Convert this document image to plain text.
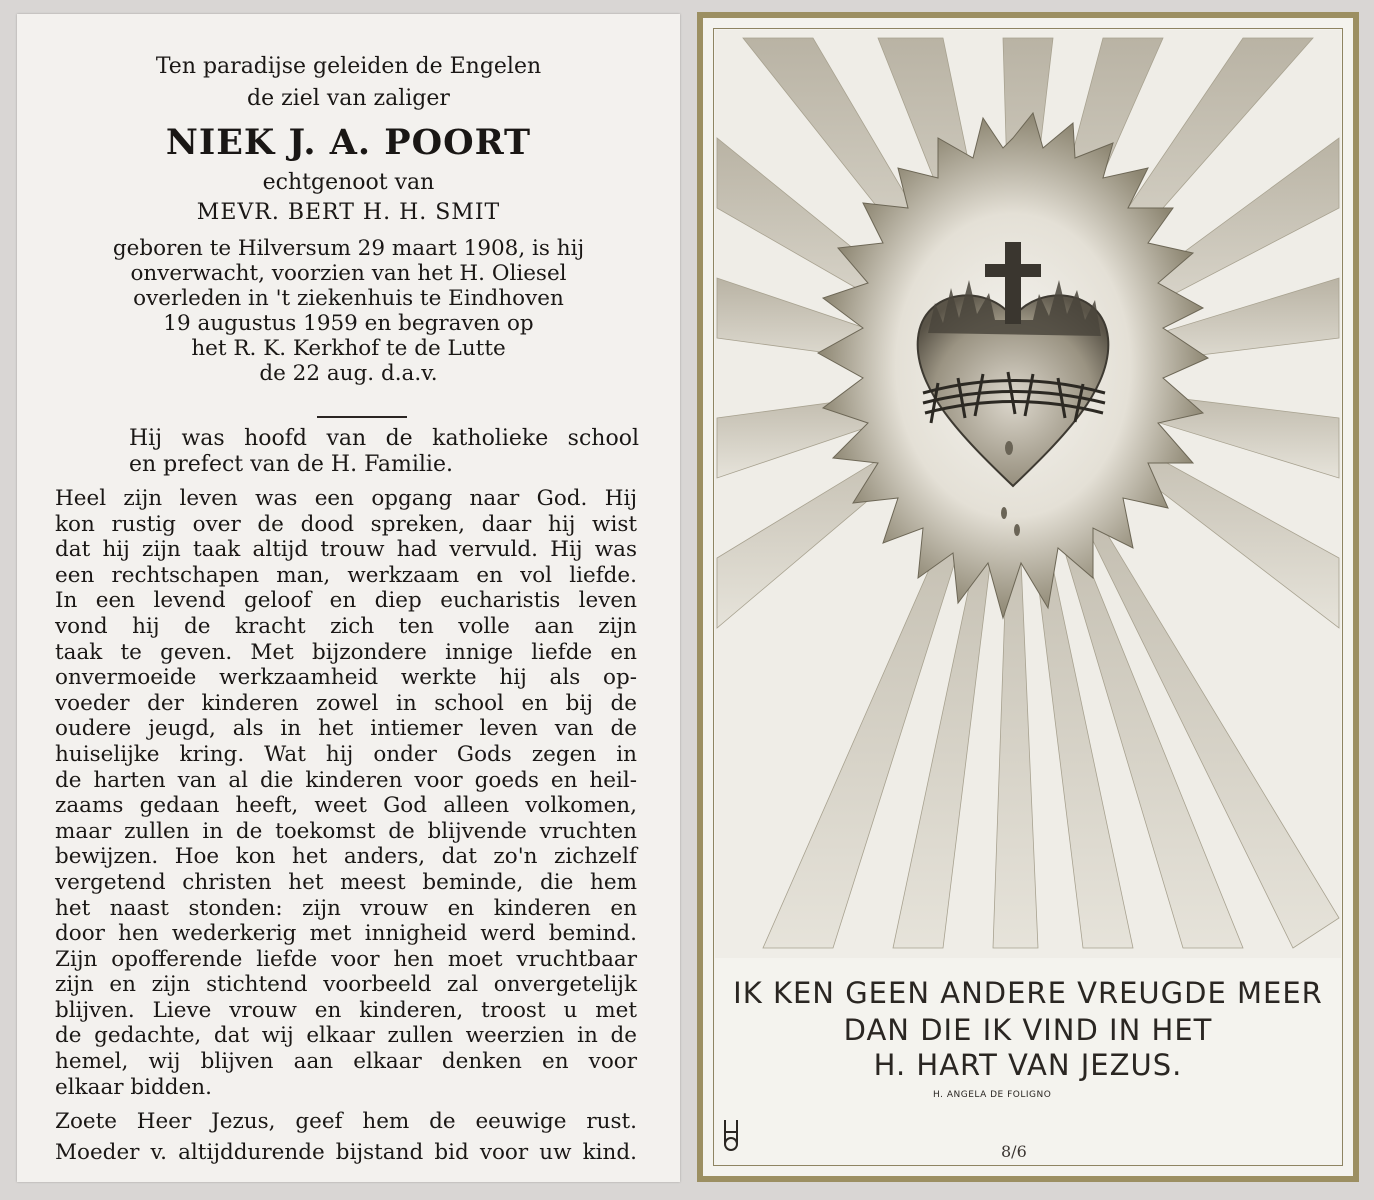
Ten paradijse geleiden de Engelen
de ziel van zaliger
NIEK J. A. POORT
echtgenoot van
MEVR. BERT H. H. SMIT
geboren te Hilversum 29 maart 1908, is hij
onverwacht, voorzien van het H. Oliesel
overleden in 't ziekenhuis te Eindhoven
19 augustus 1959 en begraven op
het R. K. Kerkhof te de Lutte
de 22 aug. d.a.v.
Hij was hoofd van de katholieke school
en prefect van de H. Familie.
Heel zijn leven was een opgang naar God. Hij
kon rustig over de dood spreken, daar hij wist
dat hij zijn taak altijd trouw had vervuld. Hij was
een rechtschapen man, werkzaam en vol liefde.
In een levend geloof en diep eucharistis leven
vond hij de kracht zich ten volle aan zijn
taak te geven. Met bijzondere innige liefde en
onvermoeide werkzaamheid werkte hij als op-
voeder der kinderen zowel in school en bij de
oudere jeugd, als in het intiemer leven van de
huiselijke kring. Wat hij onder Gods zegen in
de harten van al die kinderen voor goeds en heil-
zaams gedaan heeft, weet God alleen volkomen,
maar zullen in de toekomst de blijvende vruchten
bewijzen. Hoe kon het anders, dat zo'n zichzelf
vergetend christen het meest beminde, die hem
het naast stonden: zijn vrouw en kinderen en
door hen wederkerig met innigheid werd bemind.
Zijn opofferende liefde voor hen moet vruchtbaar
zijn en zijn stichtend voorbeeld zal onvergetelijk
blijven. Lieve vrouw en kinderen, troost u met
de gedachte, dat wij elkaar zullen weerzien in de
hemel, wij blijven aan elkaar denken en voor
elkaar bidden.
Zoete Heer Jezus, geef hem de eeuwige rust.
Moeder v. altijddurende bijstand bid voor uw kind.
IK KEN GEEN ANDERE VREUGDE MEER
DAN DIE IK VIND IN HET
H. HART VAN JEZUS.
H. ANGELA DE FOLIGNO
8/6
